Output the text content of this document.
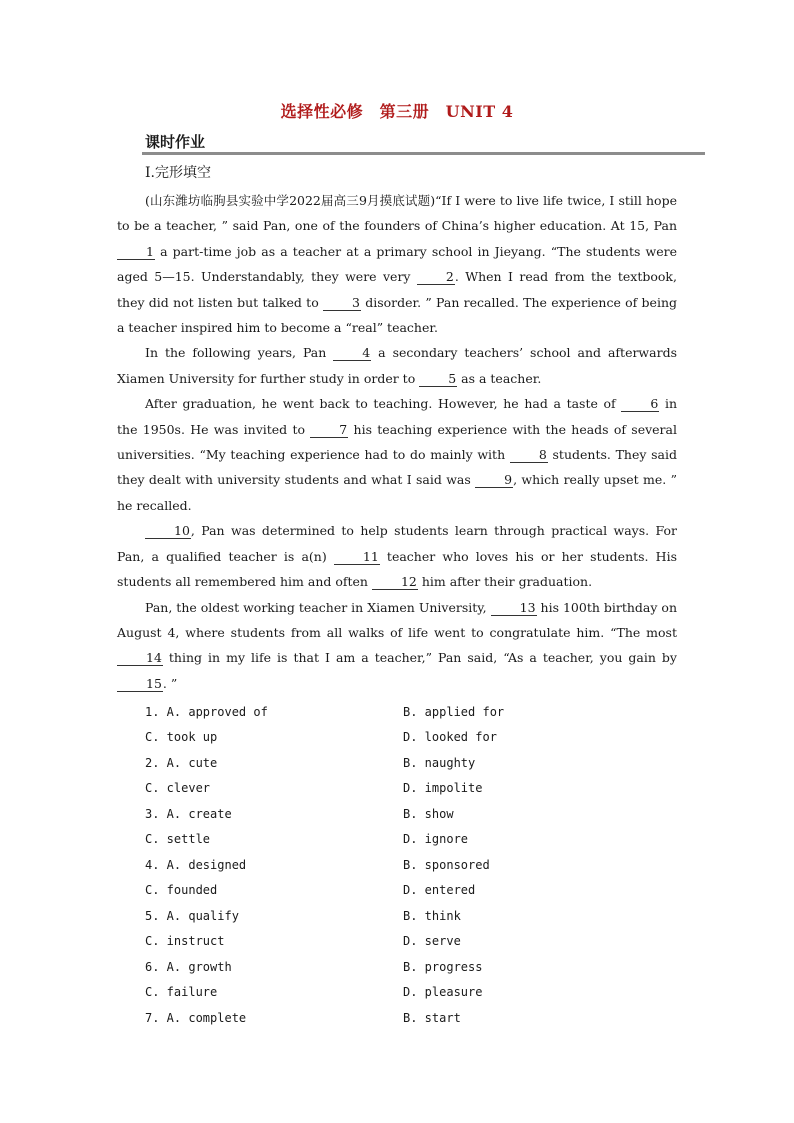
选择性必修　第三册　UNIT 4
课时作业
Ⅰ.完形填空

(山东潍坊临朐县实验中学2022届高三9月摸底试题)“If I were to live life twice, I still hope to be a teacher, ” said Pan, one of the founders of China’s higher education. At 15, Pan 1 a part-time job as a teacher at a primary school in Jieyang. “The students were aged 5—15. Understandably, they were very 2. When I read from the textbook, they did not listen but talked to 3 disorder. ” Pan recalled. The experience of being a teacher inspired him to become a “real” teacher.

In the following years, Pan 4 a secondary teachers’ school and afterwards Xiamen University for further study in order to 5 as a teacher.

After graduation, he went back to teaching. However, he had a taste of 6 in the 1950s. He was invited to 7 his teaching experience with the heads of several universities. “My teaching experience had to do mainly with 8 students. They said they dealt with university students and what I said was 9, which really upset me. ” he recalled.

10, Pan was determined to help students learn through practical ways. For Pan, a qualified teacher is a(n) 11 teacher who loves his or her students. His students all remembered him and often 12 him after their graduation.

Pan, the oldest working teacher in Xiamen University, 13 his 100th birthday on August 4, where students from all walks of life went to congratulate him. “The most 14 thing in my life is that I am a teacher,” Pan said, “As a teacher, you gain by 15. ”

1. A. approved of	B. applied for
C. took up	D. looked for
2. A. cute	B. naughty
C. clever	D. impolite
3. A. create	B. show
C. settle	D. ignore
4. A. designed	B. sponsored
C. founded	D. entered
5. A. qualify	B. think
C. instruct	D. serve
6. A. growth	B. progress
C. failure	D. pleasure
7. A. complete	B. start
